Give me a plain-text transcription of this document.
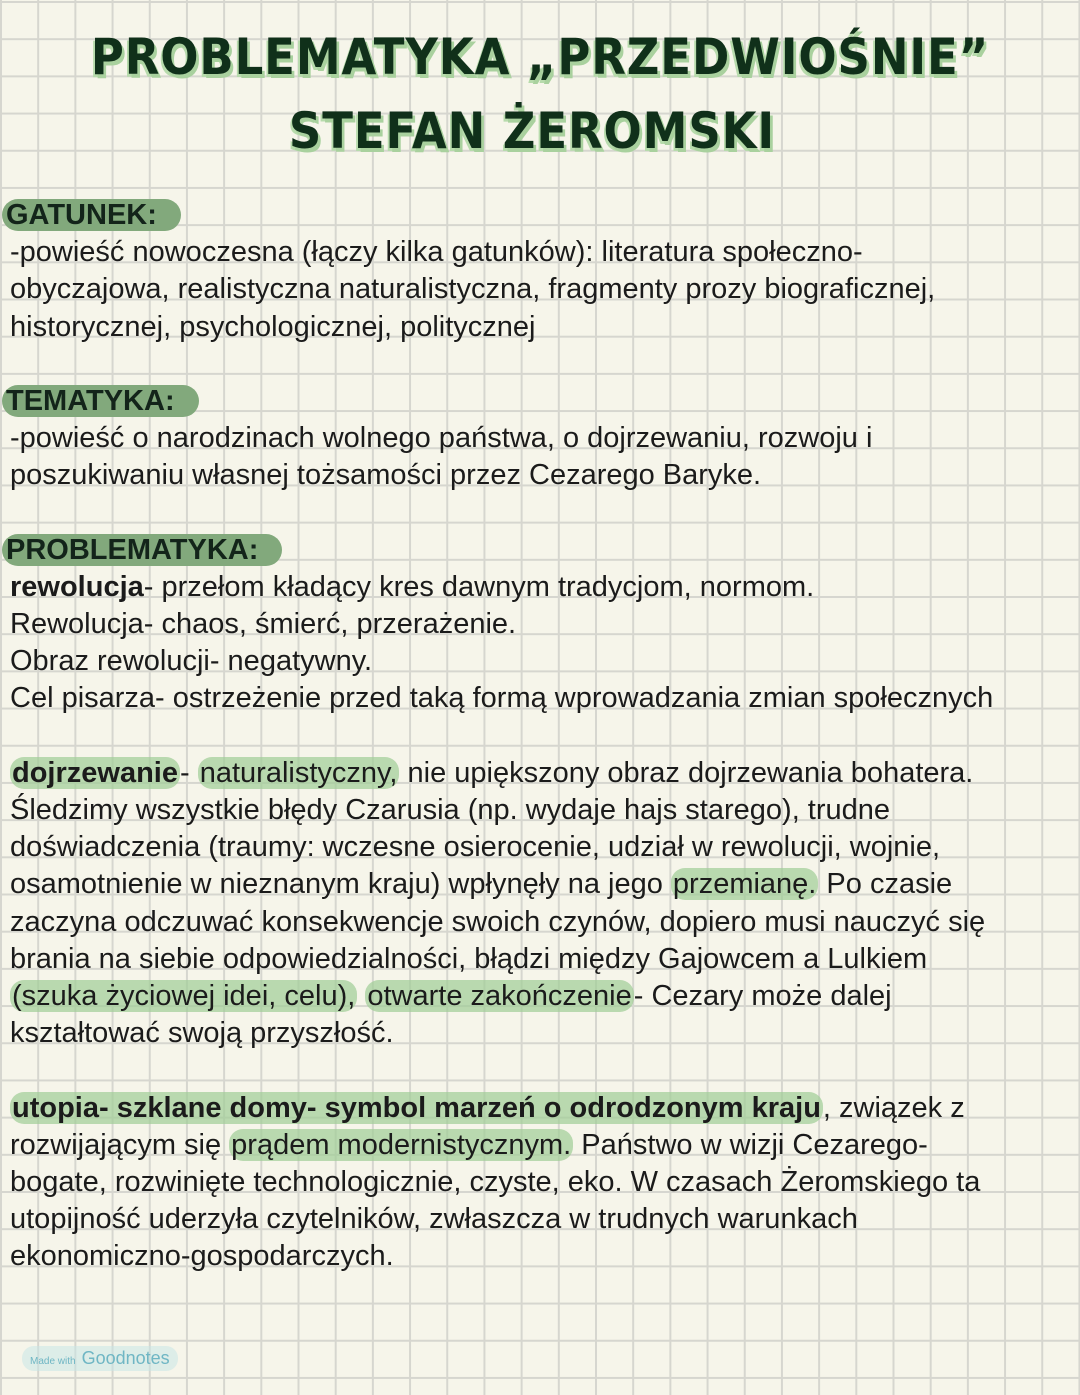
PROBLEMATYKA „PRZEDWIOŚNIE”
STEFAN ŻEROMSKI
GATUNEK:
-powieść nowoczesna (łączy kilka gatunków): literatura społeczno-
obyczajowa, realistyczna naturalistyczna, fragmenty prozy biograficznej,
historycznej, psychologicznej, politycznej
TEMATYKA:
-powieść o narodzinach wolnego państwa, o dojrzewaniu, rozwoju i
poszukiwaniu własnej tożsamości przez Cezarego Baryke.
PROBLEMATYKA:
rewolucja- przełom kładący kres dawnym tradycjom, normom.
Rewolucja- chaos, śmierć, przerażenie.
Obraz rewolucji- negatywny.
Cel pisarza- ostrzeżenie przed taką formą wprowadzania zmian społecznych
dojrzewanie- naturalistyczny, nie upiększony obraz dojrzewania bohatera.
Śledzimy wszystkie błędy Czarusia (np. wydaje hajs starego), trudne
doświadczenia (traumy: wczesne osierocenie, udział w rewolucji, wojnie,
osamotnienie w nieznanym kraju) wpłynęły na jego przemianę. Po czasie
zaczyna odczuwać konsekwencje swoich czynów, dopiero musi nauczyć się
brania na siebie odpowiedzialności, błądzi między Gajowcem a Lulkiem
(szuka życiowej idei, celu), otwarte zakończenie- Cezary może dalej
kształtować swoją przyszłość.
utopia- szklane domy- symbol marzeń o odrodzonym kraju, związek z
rozwijającym się prądem modernistycznym. Państwo w wizji Cezarego-
bogate, rozwinięte technologicznie, czyste, eko. W czasach Żeromskiego ta
utopijność uderzyła czytelników, zwłaszcza w trudnych warunkach
ekonomiczno-gospodarczych.
Made with Goodnotes
